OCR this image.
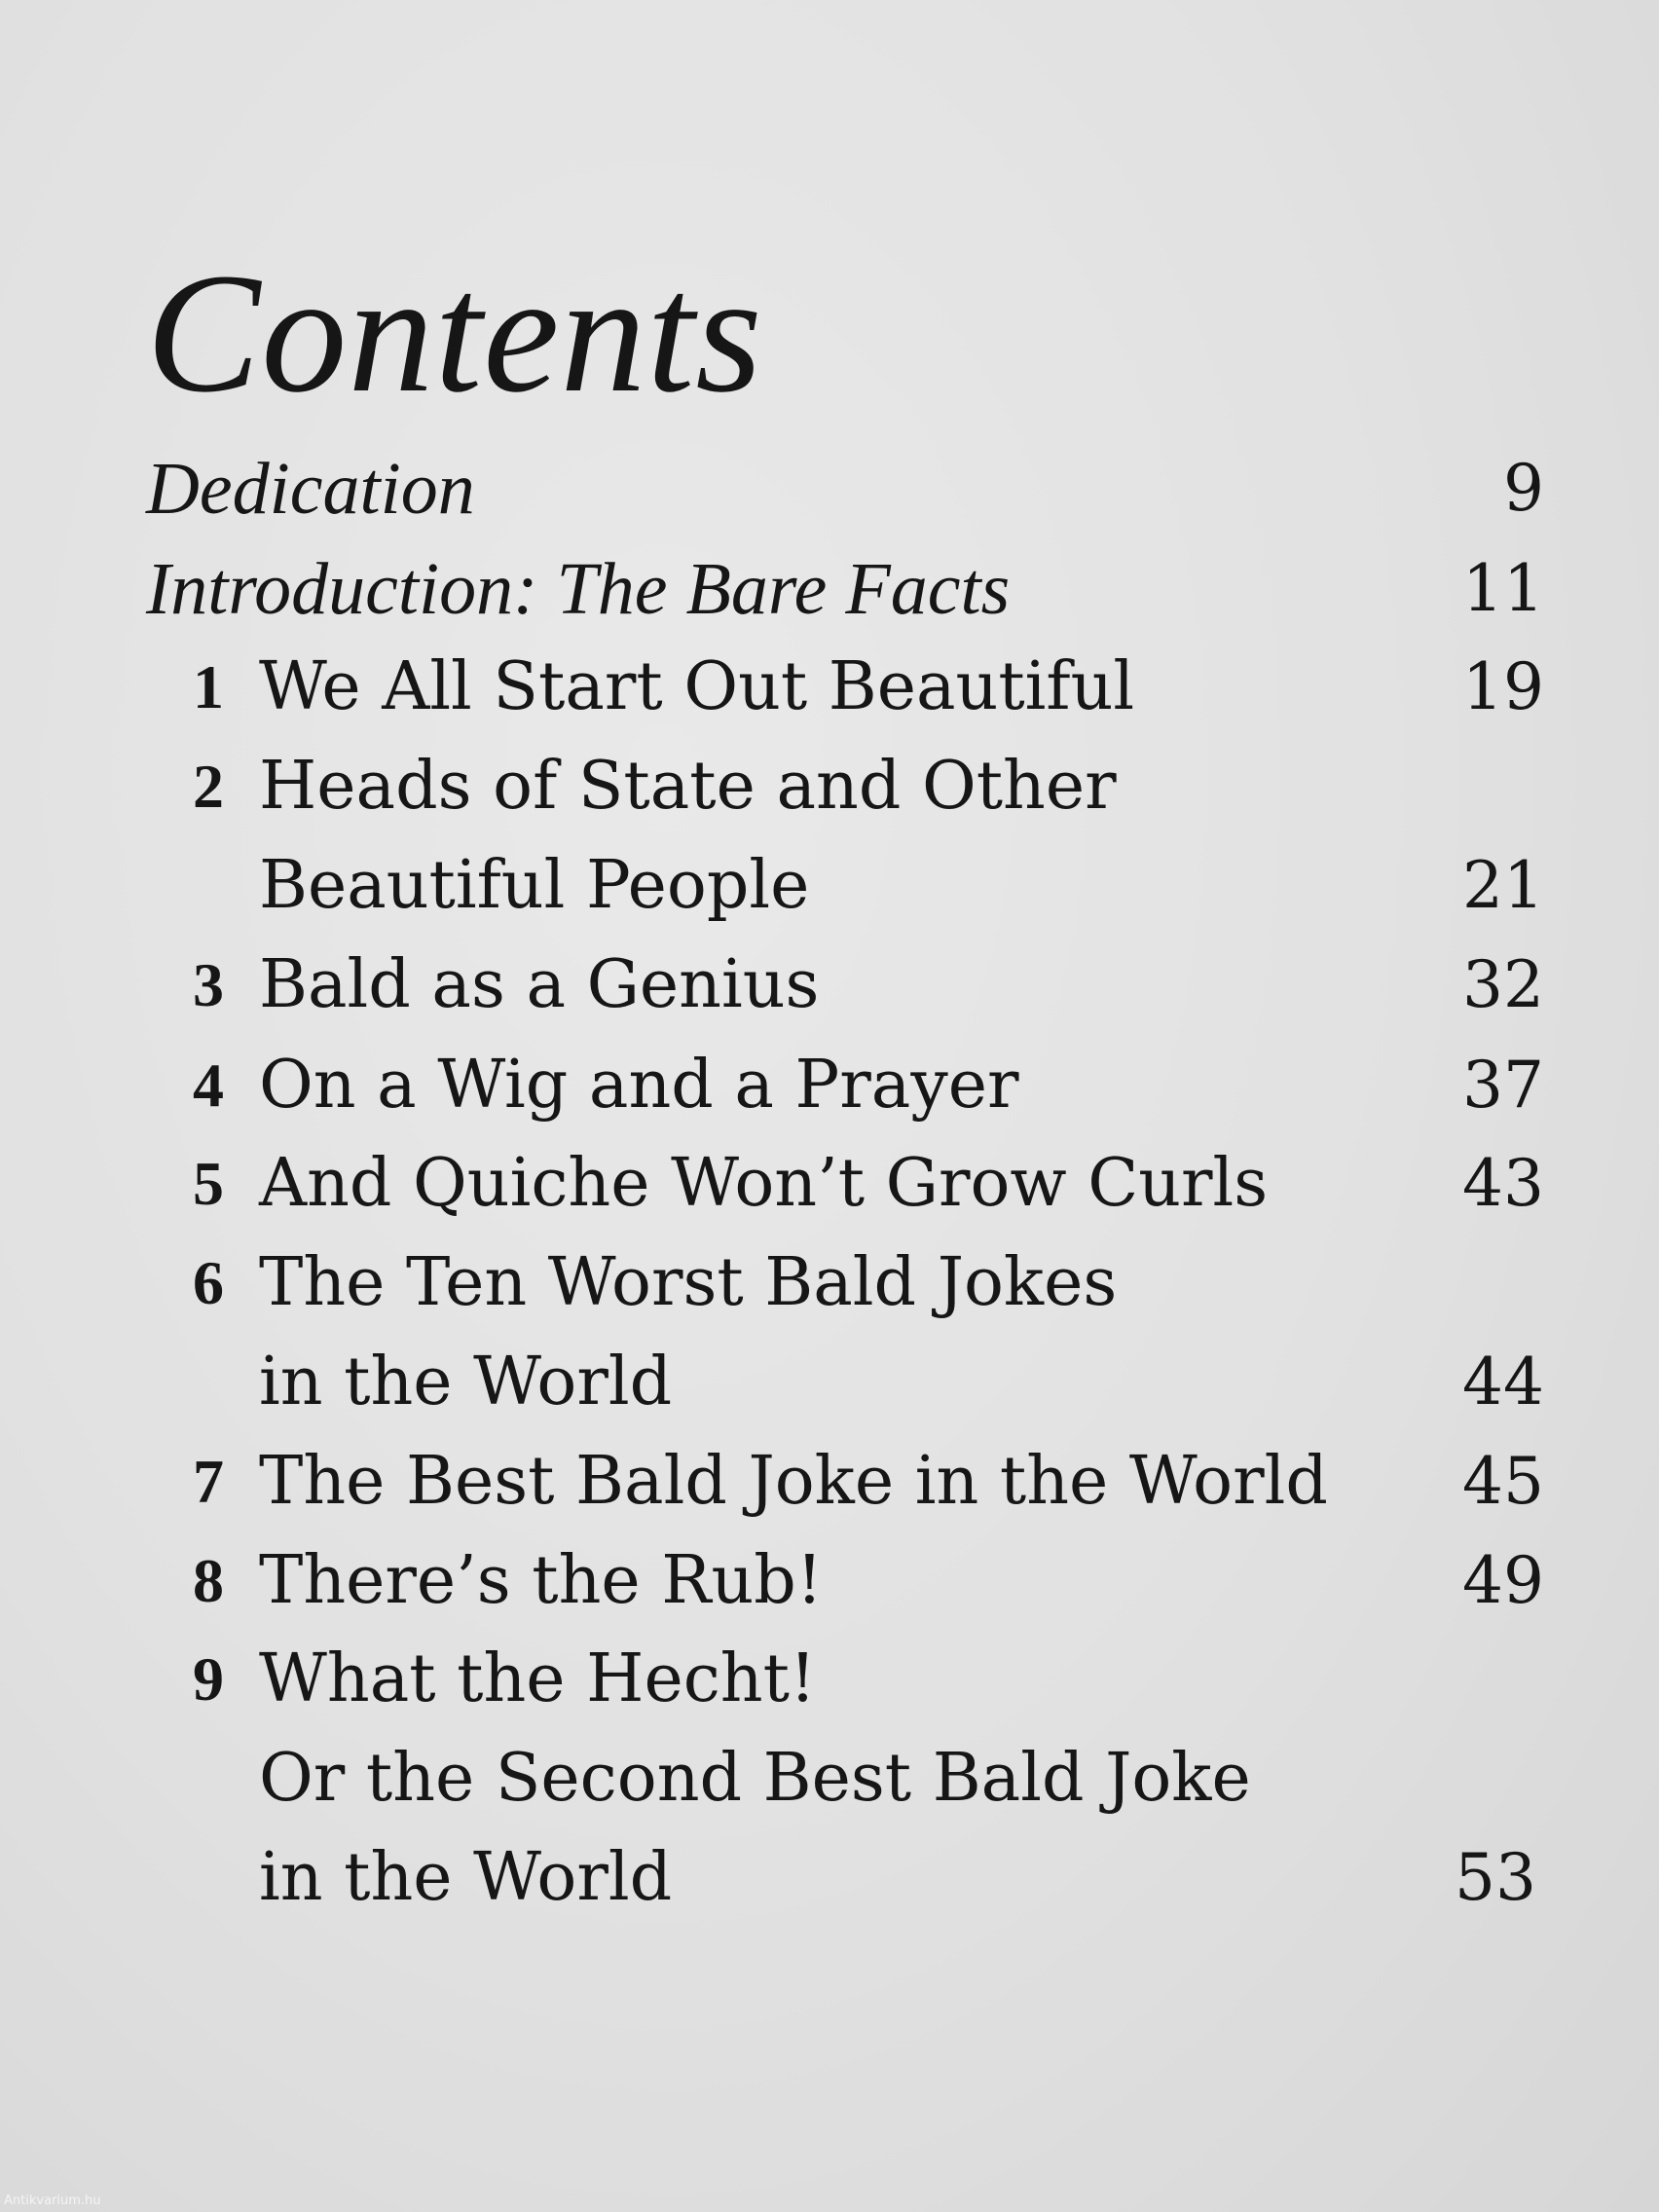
Contents
Dedication	9
Introduction: The Bare Facts	11
1 We All Start Out Beautiful	19
2 Heads of State and Other
Beautiful People	21
3 Bald as a Genius	32
4 On a Wig and a Prayer	37
5 And Quiche Won’t Grow Curls	43
6 The Ten Worst Bald Jokes
in the World	44
7 The Best Bald Joke in the World	45
8 There’s the Rub!	49
9 What the Hecht!
Or the Second Best Bald Joke
in the World	53
Antikvarium.hu
